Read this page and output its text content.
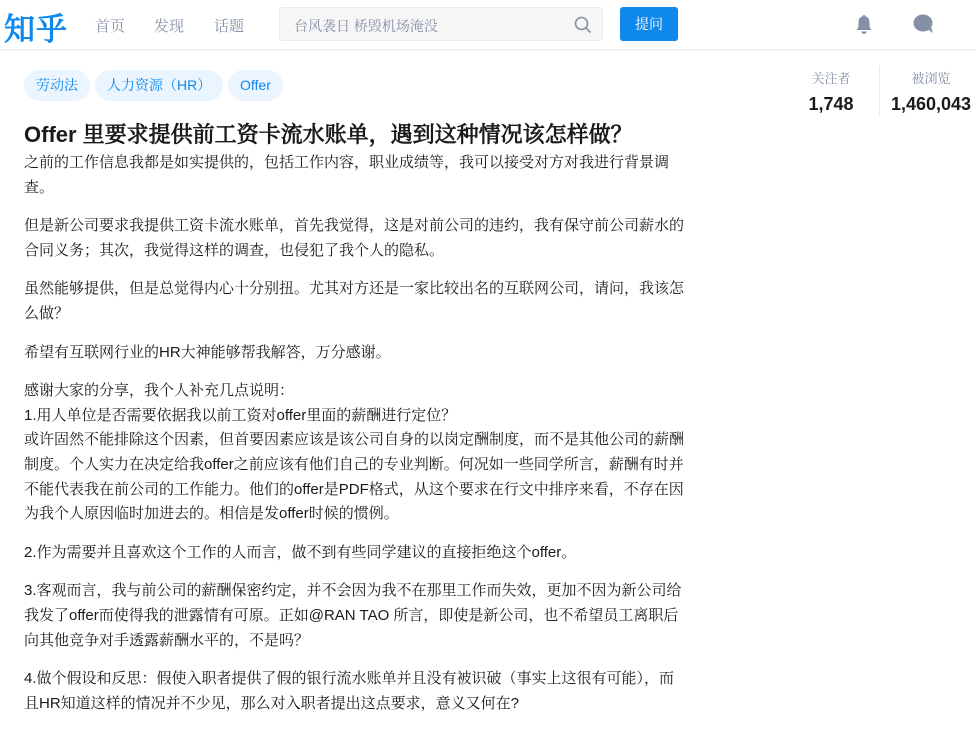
知乎 首页 发现 话题	台风袭日 桥毁机场淹没	提问
劳动法	人力资源（HR）	Offer	关注者
1,748
被浏览
1,460,043
Offer 里要求提供前工资卡流水账单，遇到这种情况该怎样做？

之前的工作信息我都是如实提供的，包括工作内容，职业成绩等，我可以接受对方对我进行背景调
查。

但是新公司要求我提供工资卡流水账单，首先我觉得，这是对前公司的违约，我有保守前公司薪水的
合同义务；其次，我觉得这样的调查，也侵犯了我个人的隐私。

虽然能够提供，但是总觉得内心十分别扭。尤其对方还是一家比较出名的互联网公司，请问，我该怎
么做？

希望有互联网行业的HR大神能够帮我解答，万分感谢。

感谢大家的分享，我个人补充几点说明：
1.用人单位是否需要依据我以前工资对offer里面的薪酬进行定位？
或许固然不能排除这个因素，但首要因素应该是该公司自身的以岗定酬制度，而不是其他公司的薪酬
制度。个人实力在决定给我offer之前应该有他们自己的专业判断。何况如一些同学所言，薪酬有时并
不能代表我在前公司的工作能力。他们的offer是PDF格式，从这个要求在行文中排序来看，不存在因
为我个人原因临时加进去的。相信是发offer时候的惯例。

2.作为需要并且喜欢这个工作的人而言，做不到有些同学建议的直接拒绝这个offer。

3.客观而言，我与前公司的薪酬保密约定，并不会因为我不在那里工作而失效，更加不因为新公司给
我发了offer而使得我的泄露情有可原。正如@RAN TAO 所言，即使是新公司，也不希望员工离职后
向其他竞争对手透露薪酬水平的，不是吗？

4.做个假设和反思：假使入职者提供了假的银行流水账单并且没有被识破（事实上这很有可能），而
且HR知道这样的情况并不少见，那么对入职者提出这点要求，意义又何在?
